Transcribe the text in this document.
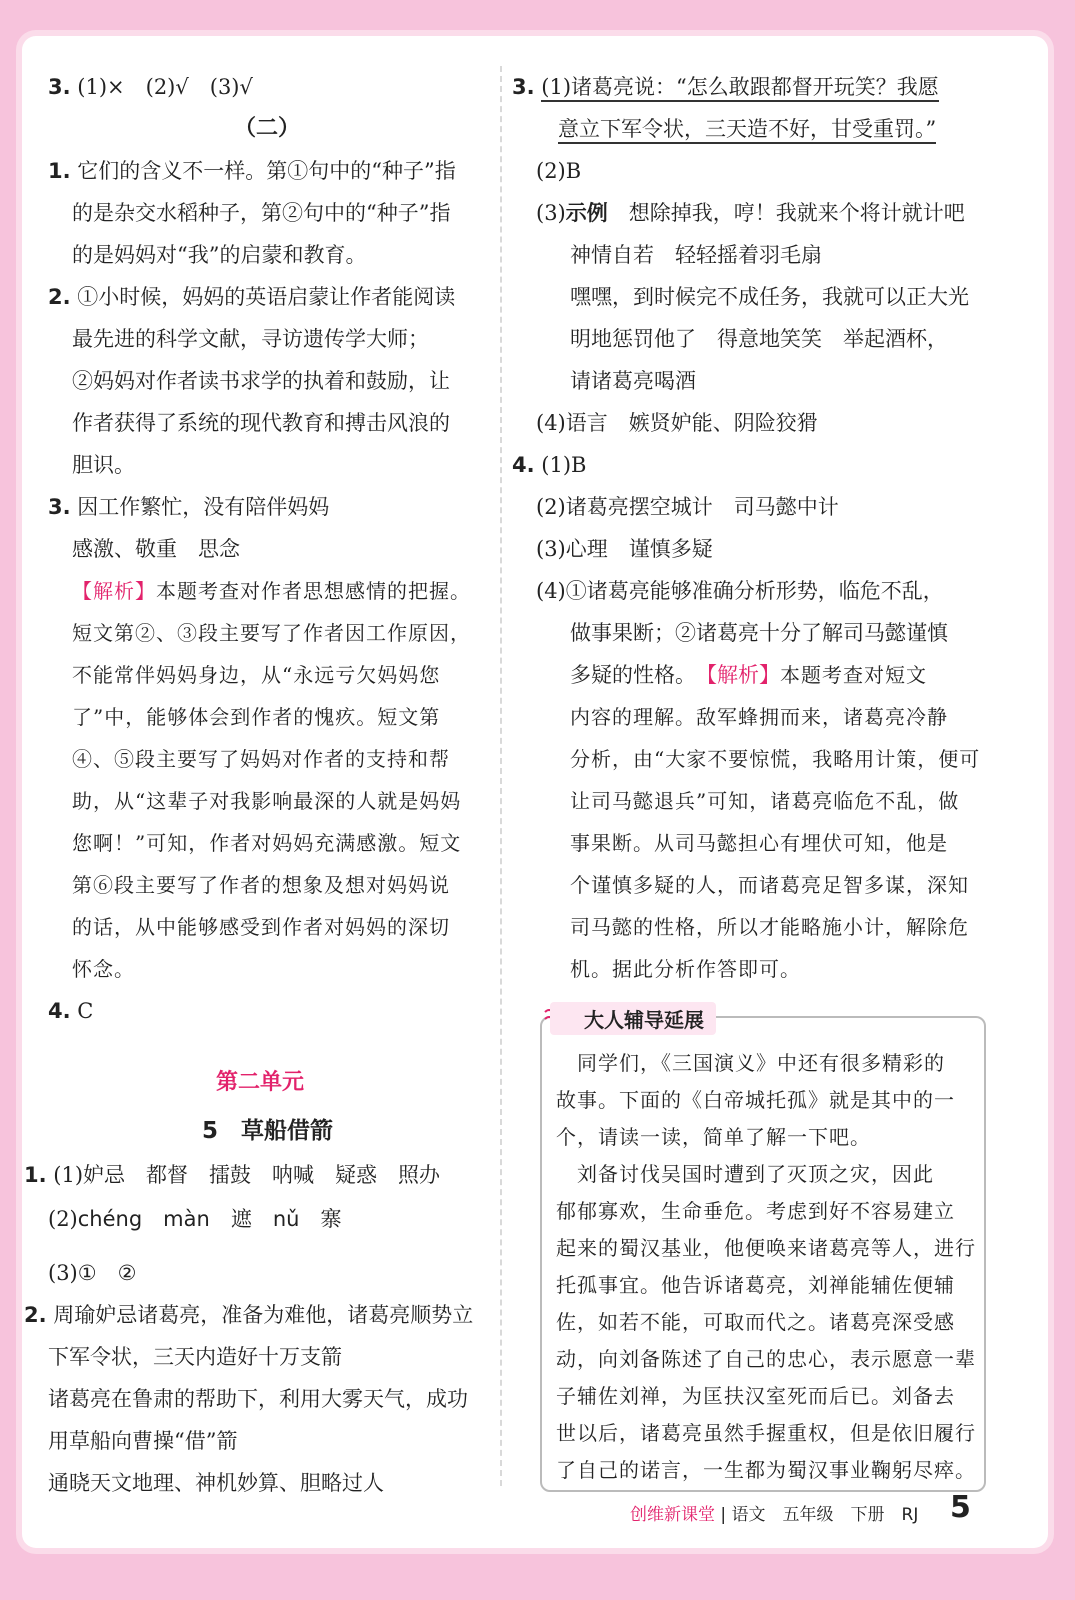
3. (1)×　(2)√　(3)√
（二）
1. 它们的含义不一样。第①句中的“种子”指
的是杂交水稻种子，第②句中的“种子”指
的是妈妈对“我”的启蒙和教育。
2. ①小时候，妈妈的英语启蒙让作者能阅读
最先进的科学文献，寻访遗传学大师；
②妈妈对作者读书求学的执着和鼓励，让
作者获得了系统的现代教育和搏击风浪的
胆识。
3. 因工作繁忙，没有陪伴妈妈
感激、敬重　思念
【解析】本题考查对作者思想感情的把握。
短文第②、③段主要写了作者因工作原因，
不能常伴妈妈身边，从“永远亏欠妈妈您
了”中，能够体会到作者的愧疚。短文第
④、⑤段主要写了妈妈对作者的支持和帮
助，从“这辈子对我影响最深的人就是妈妈
您啊！”可知，作者对妈妈充满感激。短文
第⑥段主要写了作者的想象及想对妈妈说
的话，从中能够感受到作者对妈妈的深切
怀念。
4. C
第二单元
5　草船借箭
1. (1)妒忌　都督　擂鼓　呐喊　疑惑　照办
(2)chéng　 màn　 遮　 nǔ　 寨
(3)①　②
2. 周瑜妒忌诸葛亮，准备为难他，诸葛亮顺势立
下军令状，三天内造好十万支箭
诸葛亮在鲁肃的帮助下，利用大雾天气，成功
用草船向曹操“借”箭
通晓天文地理、神机妙算、胆略过人
3. (1)诸葛亮说：“怎么敢跟都督开玩笑？我愿
意立下军令状，三天造不好，甘受重罚。”
(2)B
(3)示例　 想除掉我，哼！我就来个将计就计吧
神情自若　轻轻摇着羽毛扇
嘿嘿，到时候完不成任务，我就可以正大光
明地惩罚他了　得意地笑笑　举起酒杯，
请诸葛亮喝酒
(4)语言　嫉贤妒能、阴险狡猾
4. (1)B
(2)诸葛亮摆空城计　司马懿中计
(3)心理　谨慎多疑
(4)①诸葛亮能够准确分析形势，临危不乱，
做事果断；②诸葛亮十分了解司马懿谨慎
多疑的性格。　 【解析】本题考查对短文
内容的理解。敌军蜂拥而来，诸葛亮冷静
分析，由“大家不要惊慌，我略用计策，便可
让司马懿退兵”可知，诸葛亮临危不乱，做
事果断。从司马懿担心有埋伏可知，他是
个谨慎多疑的人，而诸葛亮足智多谋，深知
司马懿的性格，所以才能略施小计，解除危
机。据此分析作答即可。
大人辅导延展
　同学们，《三国演义》中还有很多精彩的
故事。下面的《白帝城托孤》就是其中的一
个，请读一读，简单了解一下吧。
　刘备讨伐吴国时遭到了灭顶之灾，因此
郁郁寡欢，生命垂危。考虑到好不容易建立
起来的蜀汉基业，他便唤来诸葛亮等人，进行
托孤事宜。他告诉诸葛亮，刘禅能辅佐便辅
佐，如若不能，可取而代之。诸葛亮深受感
动，向刘备陈述了自己的忠心，表示愿意一辈
子辅佐刘禅，为匡扶汉室死而后已。刘备去
世以后，诸葛亮虽然手握重权，但是依旧履行
了自己的诺言，一生都为蜀汉事业鞠躬尽瘁。
创维新课堂 | 语文　五年级　下册　RJ 5
